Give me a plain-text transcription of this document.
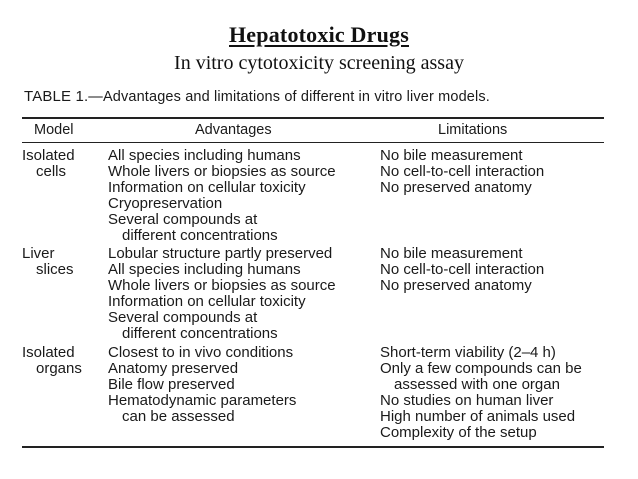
Hepatotoxic Drugs
In vitro cytotoxicity screening assay
TABLE 1.—Advantages and limitations of different in vitro liver models.
Model	Advantages	Limitations
Isolated
cells
All species including humans
Whole livers or biopsies as source
Information on cellular toxicity
Cryopreservation
Several compounds at
different concentrations
No bile measurement
No cell-to-cell interaction
No preserved anatomy
Liver
slices
Lobular structure partly preserved
All species including humans
Whole livers or biopsies as source
Information on cellular toxicity
Several compounds at
different concentrations
No bile measurement
No cell-to-cell interaction
No preserved anatomy
Isolated
organs
Closest to in vivo conditions
Anatomy preserved
Bile flow preserved
Hematodynamic parameters
can be assessed
Short-term viability (2–4 h)
Only a few compounds can be
assessed with one organ
No studies on human liver
High number of animals used
Complexity of the setup
